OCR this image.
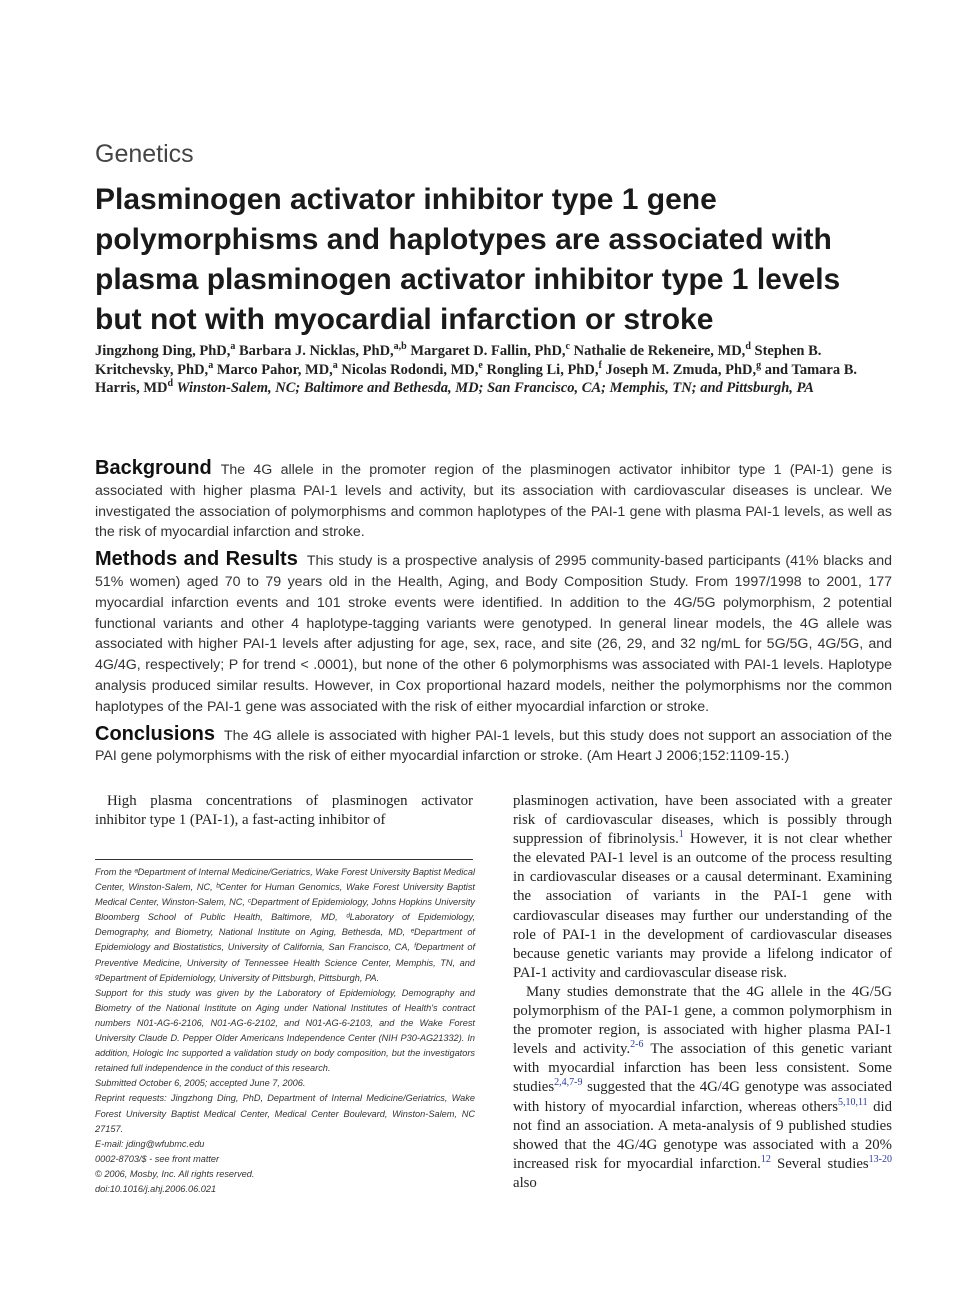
Genetics
Plasminogen activator inhibitor type 1 gene polymorphisms and haplotypes are associated with plasma plasminogen activator inhibitor type 1 levels but not with myocardial infarction or stroke

Jingzhong Ding, PhD,$^a$ Barbara J. Nicklas, PhD,$^{a,b}$ Margaret D. Fallin, PhD,$^c$ Nathalie de Rekeneire, MD,$^d$ Stephen B. Kritchevsky, PhD,$^a$ Marco Pahor, MD,$^a$ Nicolas Rodondi, MD,$^e$ Rongling Li, PhD,$^f$ Joseph M. Zmuda, PhD,$^g$ and Tamara B. Harris, $MD^d$ Winston-Salem, NC; Baltimore and Bethesda, MD; San Francisco, CA; Memphis, TN; and Pittsburgh, PA

Background The 4G allele in the promoter region of the plasminogen activator inhibitor type 1 (PAI-1) gene is associated with higher plasma PAI-1 levels and activity, but its association with cardiovascular diseases is unclear. We investigated the association of polymorphisms and common haplotypes of the PAI-1 gene with plasma PAI-1 levels, as well as the risk of myocardial infarction and stroke.

Methods and Results This study is a prospective analysis of 2995 community-based participants (41% blacks and 51% women) aged 70 to 79 years old in the Health, Aging, and Body Composition Study. From 1997/1998 to 2001, 177 myocardial infarction events and 101 stroke events were identified. In addition to the 4G/5G polymorphism, 2 potential functional variants and other 4 haplotype-tagging variants were genotyped. In general linear models, the 4G allele was associated with higher PAI-1 levels after adjusting for age, sex, race, and site (26, 29, and 32 ng/mL for 5G/5G, 4G/5G, and 4G/4G, respectively; P for trend < .0001), but none of the other 6 polymorphisms was associated with PAI-1 levels. Haplotype analysis produced similar results. However, in Cox proportional hazard models, neither the polymorphisms nor the common haplotypes of the PAI-1 gene was associated with the risk of either myocardial infarction or stroke.

Conclusions The 4G allele is associated with higher PAI-1 levels, but this study does not support an association of the PAI gene polymorphisms with the risk of either myocardial infarction or stroke. (Am Heart J 2006;152:1109-15.)

High plasma concentrations of plasminogen activator inhibitor type 1 (PAI-1), a fast-acting inhibitor of

From the ᵃDepartment of Internal Medicine/Geriatrics, Wake Forest University Baptist Medical Center, Winston-Salem, NC, ᵇCenter for Human Genomics, Wake Forest University Baptist Medical Center, Winston-Salem, NC, ᶜDepartment of Epidemiology, Johns Hopkins University Bloomberg School of Public Health, Baltimore, MD, ᵈLaboratory of Epidemiology, Demography, and Biometry, National Institute on Aging, Bethesda, MD, ᵉDepartment of Epidemiology and Biostatistics, University of California, San Francisco, CA, ᶠDepartment of Preventive Medicine, University of Tennessee Health Science Center, Memphis, TN, and ᵍDepartment of Epidemiology, University of Pittsburgh, Pittsburgh, PA.

Support for this study was given by the Laboratory of Epidemiology, Demography and Biometry of the National Institute on Aging under National Institutes of Health's contract numbers N01-AG-6-2106, N01-AG-6-2102, and N01-AG-6-2103, and the Wake Forest University Claude D. Pepper Older Americans Independence Center (NIH P30-AG21332). In addition, Hologic Inc supported a validation study on body composition, but the investigators retained full independence in the conduct of this research.

Submitted October 6, 2005; accepted June 7, 2006.

Reprint requests: Jingzhong Ding, PhD, Department of Internal Medicine/Geriatrics, Wake Forest University Baptist Medical Center, Medical Center Boulevard, Winston-Salem, NC 27157.

E-mail: jding@wfubmc.edu

0002-8703/$ - see front matter

© 2006, Mosby, Inc. All rights reserved.

doi:10.1016/j.ahj.2006.06.021

plasminogen activation, have been associated with a greater risk of cardiovascular diseases, which is possibly through suppression of fibrinolysis.$^1$ However, it is not clear whether the elevated PAI-1 level is an outcome of the process resulting in cardiovascular diseases or a causal determinant. Examining the association of variants in the PAI-1 gene with cardiovascular diseases may further our understanding of the role of PAI-1 in the development of cardiovascular diseases because genetic variants may provide a lifelong indicator of PAI-1 activity and cardiovascular disease risk.

Many studies demonstrate that the 4G allele in the 4G/5G polymorphism of the PAI-1 gene, a common polymorphism in the promoter region, is associated with higher plasma PAI-1 levels and activity.$^{2-6}$ The association of this genetic variant with myocardial infarction has been less consistent. Some studies$^{2,4,7-9}$ suggested that the 4G/4G genotype was associated with history of myocardial infarction, whereas others$^{5,10,11}$ did not find an association. A meta-analysis of 9 published studies showed that the 4G/4G genotype was associated with a 20% increased risk for myocardial infarction.$^{12}$ Several studies$^{13-20}$ also
